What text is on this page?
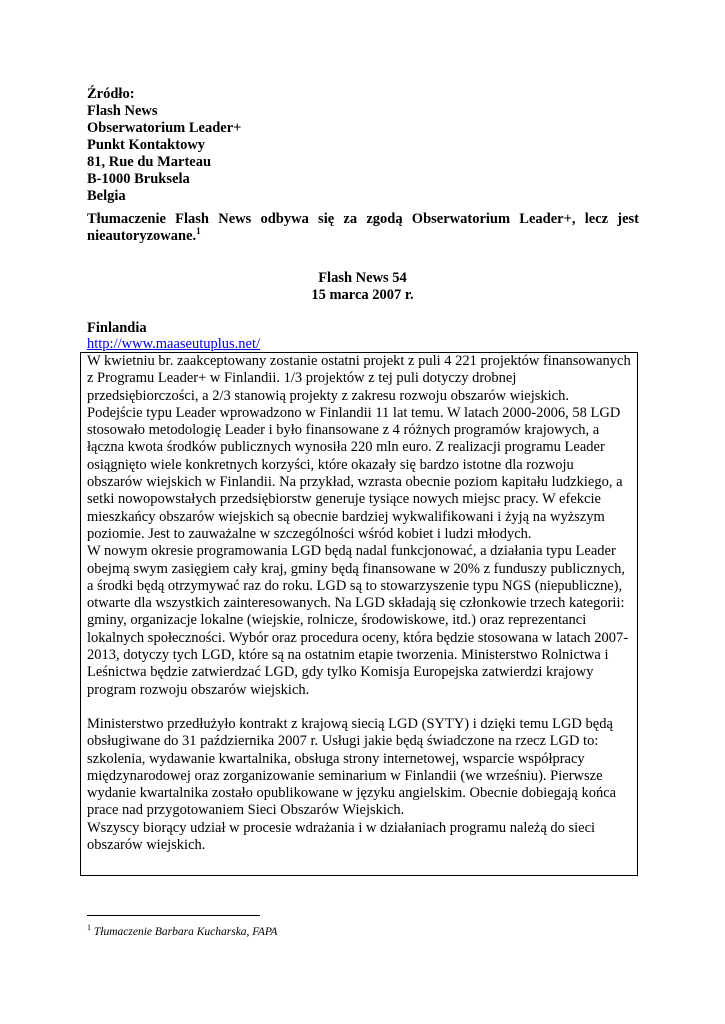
Źródło:
Flash News
Obserwatorium Leader+
Punkt Kontaktowy
81, Rue du Marteau
B-1000 Bruksela
Belgia
Tłumaczenie Flash News odbywa się za zgodą Obserwatorium Leader+, lecz jest nieautoryzowane.$^1$
Flash News 54
15 marca 2007 r.
Finlandia
http://www.maaseutuplus.net/

W kwietniu br. zaakceptowany zostanie ostatni projekt z puli 4 221 projektów finansowanych z Programu Leader+ w Finlandii. 1/3 projektów z tej puli dotyczy drobnej przedsiębiorczości, a 2/3 stanowią projekty z zakresu rozwoju obszarów wiejskich.

Podejście typu Leader wprowadzono w Finlandii 11 lat temu. W latach 2000-2006, 58 LGD stosowało metodologię Leader i było finansowane z 4 różnych programów krajowych, a łączna kwota środków publicznych wynosiła 220 mln euro. Z realizacji programu Leader osiągnięto wiele konkretnych korzyści, które okazały się bardzo istotne dla rozwoju obszarów wiejskich w Finlandii. Na przykład, wzrasta obecnie poziom kapitału ludzkiego, a setki nowopowstałych przedsiębiorstw generuje tysiące nowych miejsc pracy. W efekcie mieszkańcy obszarów wiejskich są obecnie bardziej wykwalifikowani i żyją na wyższym poziomie. Jest to zauważalne w szczególności wśród kobiet i ludzi młodych.

W nowym okresie programowania LGD będą nadal funkcjonować, a działania typu Leader obejmą swym zasięgiem cały kraj, gminy będą finansowane w 20% z funduszy publicznych, a środki będą otrzymywać raz do roku. LGD są to stowarzyszenie typu NGS (niepubliczne), otwarte dla wszystkich zainteresowanych. Na LGD składają się członkowie trzech kategorii: gminy, organizacje lokalne (wiejskie, rolnicze, środowiskowe, itd.) oraz reprezentanci lokalnych społeczności. Wybór oraz procedura oceny, która będzie stosowana w latach 2007-2013, dotyczy tych LGD, które są na ostatnim etapie tworzenia. Ministerstwo Rolnictwa i Leśnictwa będzie zatwierdzać LGD, gdy tylko Komisja Europejska zatwierdzi krajowy program rozwoju obszarów wiejskich.

Ministerstwo przedłużyło kontrakt z krajową siecią LGD (SYTY) i dzięki temu LGD będą obsługiwane do 31 października 2007 r. Usługi jakie będą świadczone na rzecz LGD to: szkolenia, wydawanie kwartalnika, obsługa strony internetowej, wsparcie współpracy międzynarodowej oraz zorganizowanie seminarium w Finlandii (we wrześniu). Pierwsze wydanie kwartalnika zostało opublikowane w języku angielskim. Obecnie dobiegają końca prace nad przygotowaniem Sieci Obszarów Wiejskich.

Wszyscy biorący udział w procesie wdrażania i w działaniach programu należą do sieci obszarów wiejskich.

$^1$ Tłumaczenie Barbara Kucharska, FAPA
